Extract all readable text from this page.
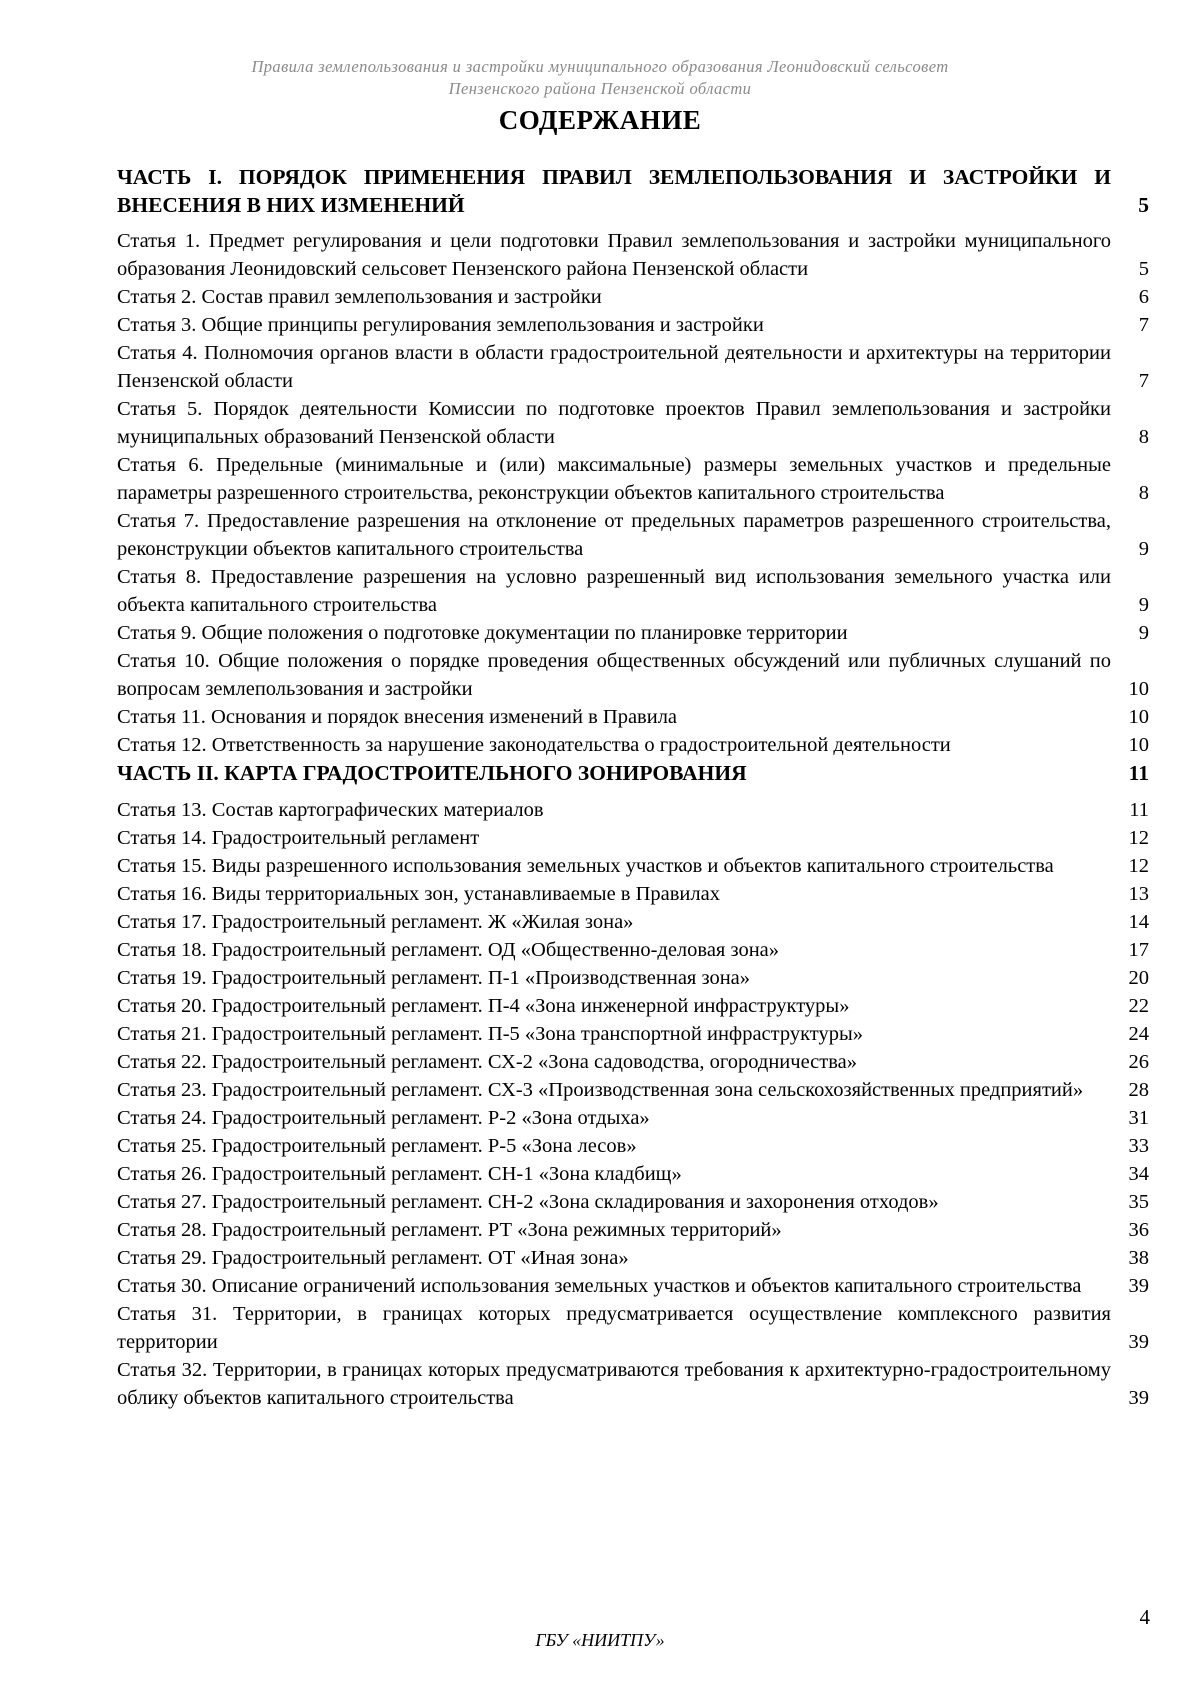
Правила землепользования и застройки муниципального образования Леонидовский сельсовет
Пензенского района Пензенской области
СОДЕРЖАНИЕ
ЧАСТЬ I. ПОРЯДОК ПРИМЕНЕНИЯ ПРАВИЛ ЗЕМЛЕПОЛЬЗОВАНИЯ И ЗАСТРОЙКИ И ВНЕСЕНИЯ В НИХ ИЗМЕНЕНИЙ	5
Статья 1. Предмет регулирования и цели подготовки Правил землепользования и застройки муниципального образования Леонидовский сельсовет Пензенского района Пензенской области	5
Статья 2. Состав правил землепользования и застройки	6
Статья 3. Общие принципы регулирования землепользования и застройки	7
Статья 4. Полномочия органов власти в области градостроительной деятельности и архитектуры на территории Пензенской области	7
Статья 5. Порядок деятельности Комиссии по подготовке проектов Правил землепользования и застройки муниципальных образований Пензенской области	8
Статья 6. Предельные (минимальные и (или) максимальные) размеры земельных участков и предельные параметры разрешенного строительства, реконструкции объектов капитального строительства	8
Статья 7. Предоставление разрешения на отклонение от предельных параметров разрешенного строительства, реконструкции объектов капитального строительства	9
Статья 8. Предоставление разрешения на условно разрешенный вид использования земельного участка или объекта капитального строительства	9
Статья 9. Общие положения о подготовке документации по планировке территории	9
Статья 10. Общие положения о порядке проведения общественных обсуждений или публичных слушаний по вопросам землепользования и застройки	10
Статья 11. Основания и порядок внесения изменений в Правила	10
Статья 12. Ответственность за нарушение законодательства о градостроительной деятельности	10
ЧАСТЬ II. КАРТА ГРАДОСТРОИТЕЛЬНОГО ЗОНИРОВАНИЯ	11
Статья 13. Состав картографических материалов	11
Статья 14. Градостроительный регламент	12
Статья 15. Виды разрешенного использования земельных участков и объектов капитального строительства	12
Статья 16. Виды территориальных зон, устанавливаемые в Правилах	13
Статья 17. Градостроительный регламент. Ж «Жилая зона»	14
Статья 18. Градостроительный регламент. ОД «Общественно-деловая зона»	17
Статья 19. Градостроительный регламент. П-1 «Производственная зона»	20
Статья 20. Градостроительный регламент. П-4 «Зона инженерной инфраструктуры»	22
Статья 21. Градостроительный регламент. П-5 «Зона транспортной инфраструктуры»	24
Статья 22. Градостроительный регламент. СХ-2 «Зона садоводства, огородничества»	26
Статья 23. Градостроительный регламент. СХ-3 «Производственная зона сельскохозяйственных предприятий»	28
Статья 24. Градостроительный регламент. Р-2 «Зона отдыха»	31
Статья 25. Градостроительный регламент. Р-5 «Зона лесов»	33
Статья 26. Градостроительный регламент. СН-1 «Зона кладбищ»	34
Статья 27. Градостроительный регламент. СН-2 «Зона складирования и захоронения отходов»	35
Статья 28. Градостроительный регламент. РТ «Зона режимных территорий»	36
Статья 29. Градостроительный регламент. ОТ «Иная зона»	38
Статья 30. Описание ограничений использования земельных участков и объектов капитального строительства	39
Статья 31. Территории, в границах которых предусматривается осуществление комплексного развития территории	39
Статья 32. Территории, в границах которых предусматриваются требования к архитектурно-градостроительному облику объектов капитального строительства	39
4
ГБУ «НИИТПУ»
